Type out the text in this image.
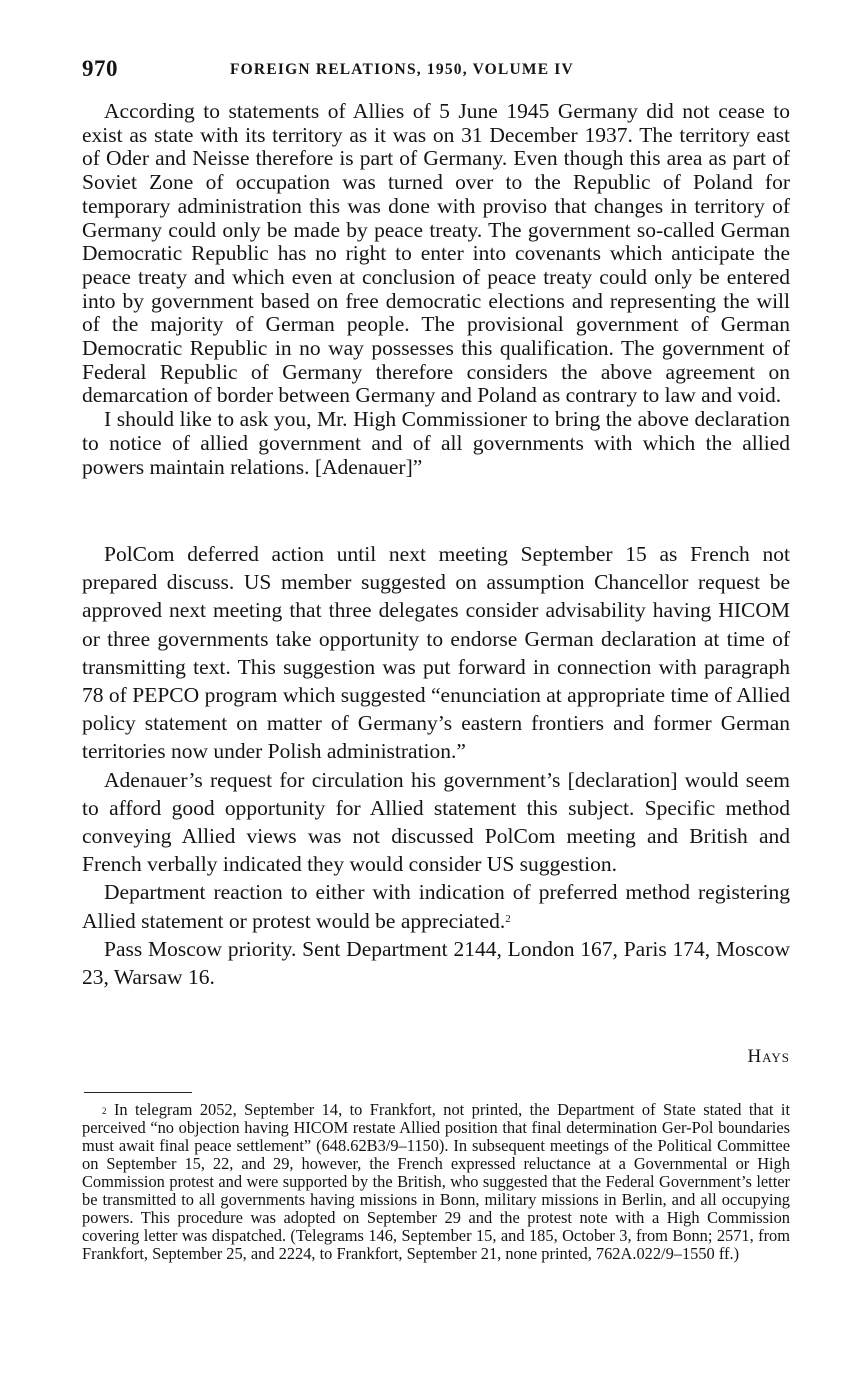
970	FOREIGN RELATIONS, 1950, VOLUME IV

According to statements of Allies of 5 June 1945 Germany did not cease to exist as state with its territory as it was on 31 December 1937. The territory east of Oder and Neisse therefore is part of Germany. Even though this area as part of Soviet Zone of occupation was turned over to the Republic of Poland for temporary administration this was done with proviso that changes in territory of Germany could only be made by peace treaty. The government so-called German Democratic Republic has no right to enter into covenants which anticipate the peace treaty and which even at conclusion of peace treaty could only be entered into by government based on free democratic elections and representing the will of the majority of German people. The provisional government of German Democratic Republic in no way possesses this qualification. The government of Federal Republic of Germany therefore considers the above agreement on demarcation of border between Germany and Poland as contrary to law and void.

I should like to ask you, Mr. High Commissioner to bring the above declaration to notice of allied government and of all governments with which the allied powers maintain relations. [Adenauer]”

PolCom deferred action until next meeting September 15 as French not prepared discuss. US member suggested on assumption Chancellor request be approved next meeting that three delegates consider advisability having HICOM or three governments take opportunity to endorse German declaration at time of transmitting text. This suggestion was put forward in connection with paragraph 78 of PEPCO program which suggested “enunciation at appropriate time of Allied policy statement on matter of Germany’s eastern frontiers and former German territories now under Polish administration.”

Adenauer’s request for circulation his government’s [declaration] would seem to afford good opportunity for Allied statement this subject. Specific method conveying Allied views was not discussed PolCom meeting and British and French verbally indicated they would consider US suggestion.

Department reaction to either with indication of preferred method registering Allied statement or protest would be appreciated.$^2$

Pass Moscow priority. Sent Department 2144, London 167, Paris 174, Moscow 23, Warsaw 16.

Hays

$^2$ In telegram 2052, September 14, to Frankfort, not printed, the Department of State stated that it perceived “no objection having HICOM restate Allied position that final determination Ger-Pol boundaries must await final peace settlement” (648.62B3/9–1150). In subsequent meetings of the Political Committee on September 15, 22, and 29, however, the French expressed reluctance at a Governmental or High Commission protest and were supported by the British, who suggested that the Federal Government’s letter be transmitted to all governments having missions in Bonn, military missions in Berlin, and all occupying powers. This procedure was adopted on September 29 and the protest note with a High Commission covering letter was dispatched. (Telegrams 146, September 15, and 185, October 3, from Bonn; 2571, from Frankfort, September 25, and 2224, to Frankfort, September 21, none printed, 762A.022/9–1550 ff.)
